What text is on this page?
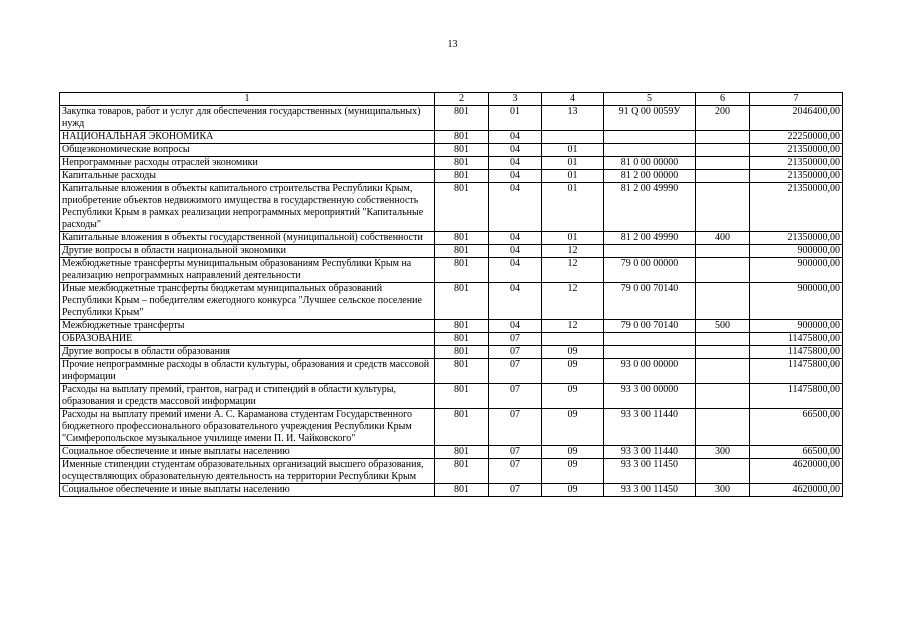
13
1	2	3	4	5	6	7
Закупка товаров, работ и услуг для обеспечения государственных (муниципальных) нужд	801	01	13	91 Q 00 0059У	200	2046400,00
НАЦИОНАЛЬНАЯ ЭКОНОМИКА	801	04				22250000,00
Общеэкономические вопросы	801	04	01			21350000,00
Непрограммные расходы отраслей экономики	801	04	01	81 0 00 00000		21350000,00
Капитальные расходы	801	04	01	81 2 00 00000		21350000,00
Капитальные вложения в объекты капитального строительства Республики Крым, приобретение объектов недвижимого имущества в государственную собственность Республики Крым в рамках реализации непрограммных мероприятий "Капитальные расходы"	801	04	01	81 2 00 49990		21350000,00
Капитальные вложения в объекты государственной (муниципальной) собственности	801	04	01	81 2 00 49990	400	21350000,00
Другие вопросы в области национальной экономики	801	04	12			900000,00
Межбюджетные трансферты муниципальным образованиям Республики Крым на реализацию непрограммных направлений деятельности	801	04	12	79 0 00 00000		900000,00
Иные межбюджетные трансферты бюджетам муниципальных образований Республики Крым – победителям ежегодного конкурса "Лучшее сельское поселение Республики Крым"	801	04	12	79 0 00 70140		900000,00
Межбюджетные трансферты	801	04	12	79 0 00 70140	500	900000,00
ОБРАЗОВАНИЕ	801	07				11475800,00
Другие вопросы в области образования	801	07	09			11475800,00
Прочие непрограммные расходы в области культуры, образования и средств массовой информации	801	07	09	93 0 00 00000		11475800,00
Расходы на выплату премий, грантов, наград и стипендий в области культуры, образования и средств массовой информации	801	07	09	93 3 00 00000		11475800,00
Расходы на выплату премий имени А. С. Караманова студентам Государственного бюджетного профессионального образовательного учреждения Республики Крым "Симферопольское музыкальное училище имени П. И. Чайковского"	801	07	09	93 3 00 11440		66500,00
Социальное обеспечение и иные выплаты населению	801	07	09	93 3 00 11440	300	66500,00
Именные стипендии студентам образовательных организаций высшего образования, осуществляющих образовательную деятельность на территории Республики Крым	801	07	09	93 3 00 11450		4620000,00
Социальное обеспечение и иные выплаты населению	801	07	09	93 3 00 11450	300	4620000,00
